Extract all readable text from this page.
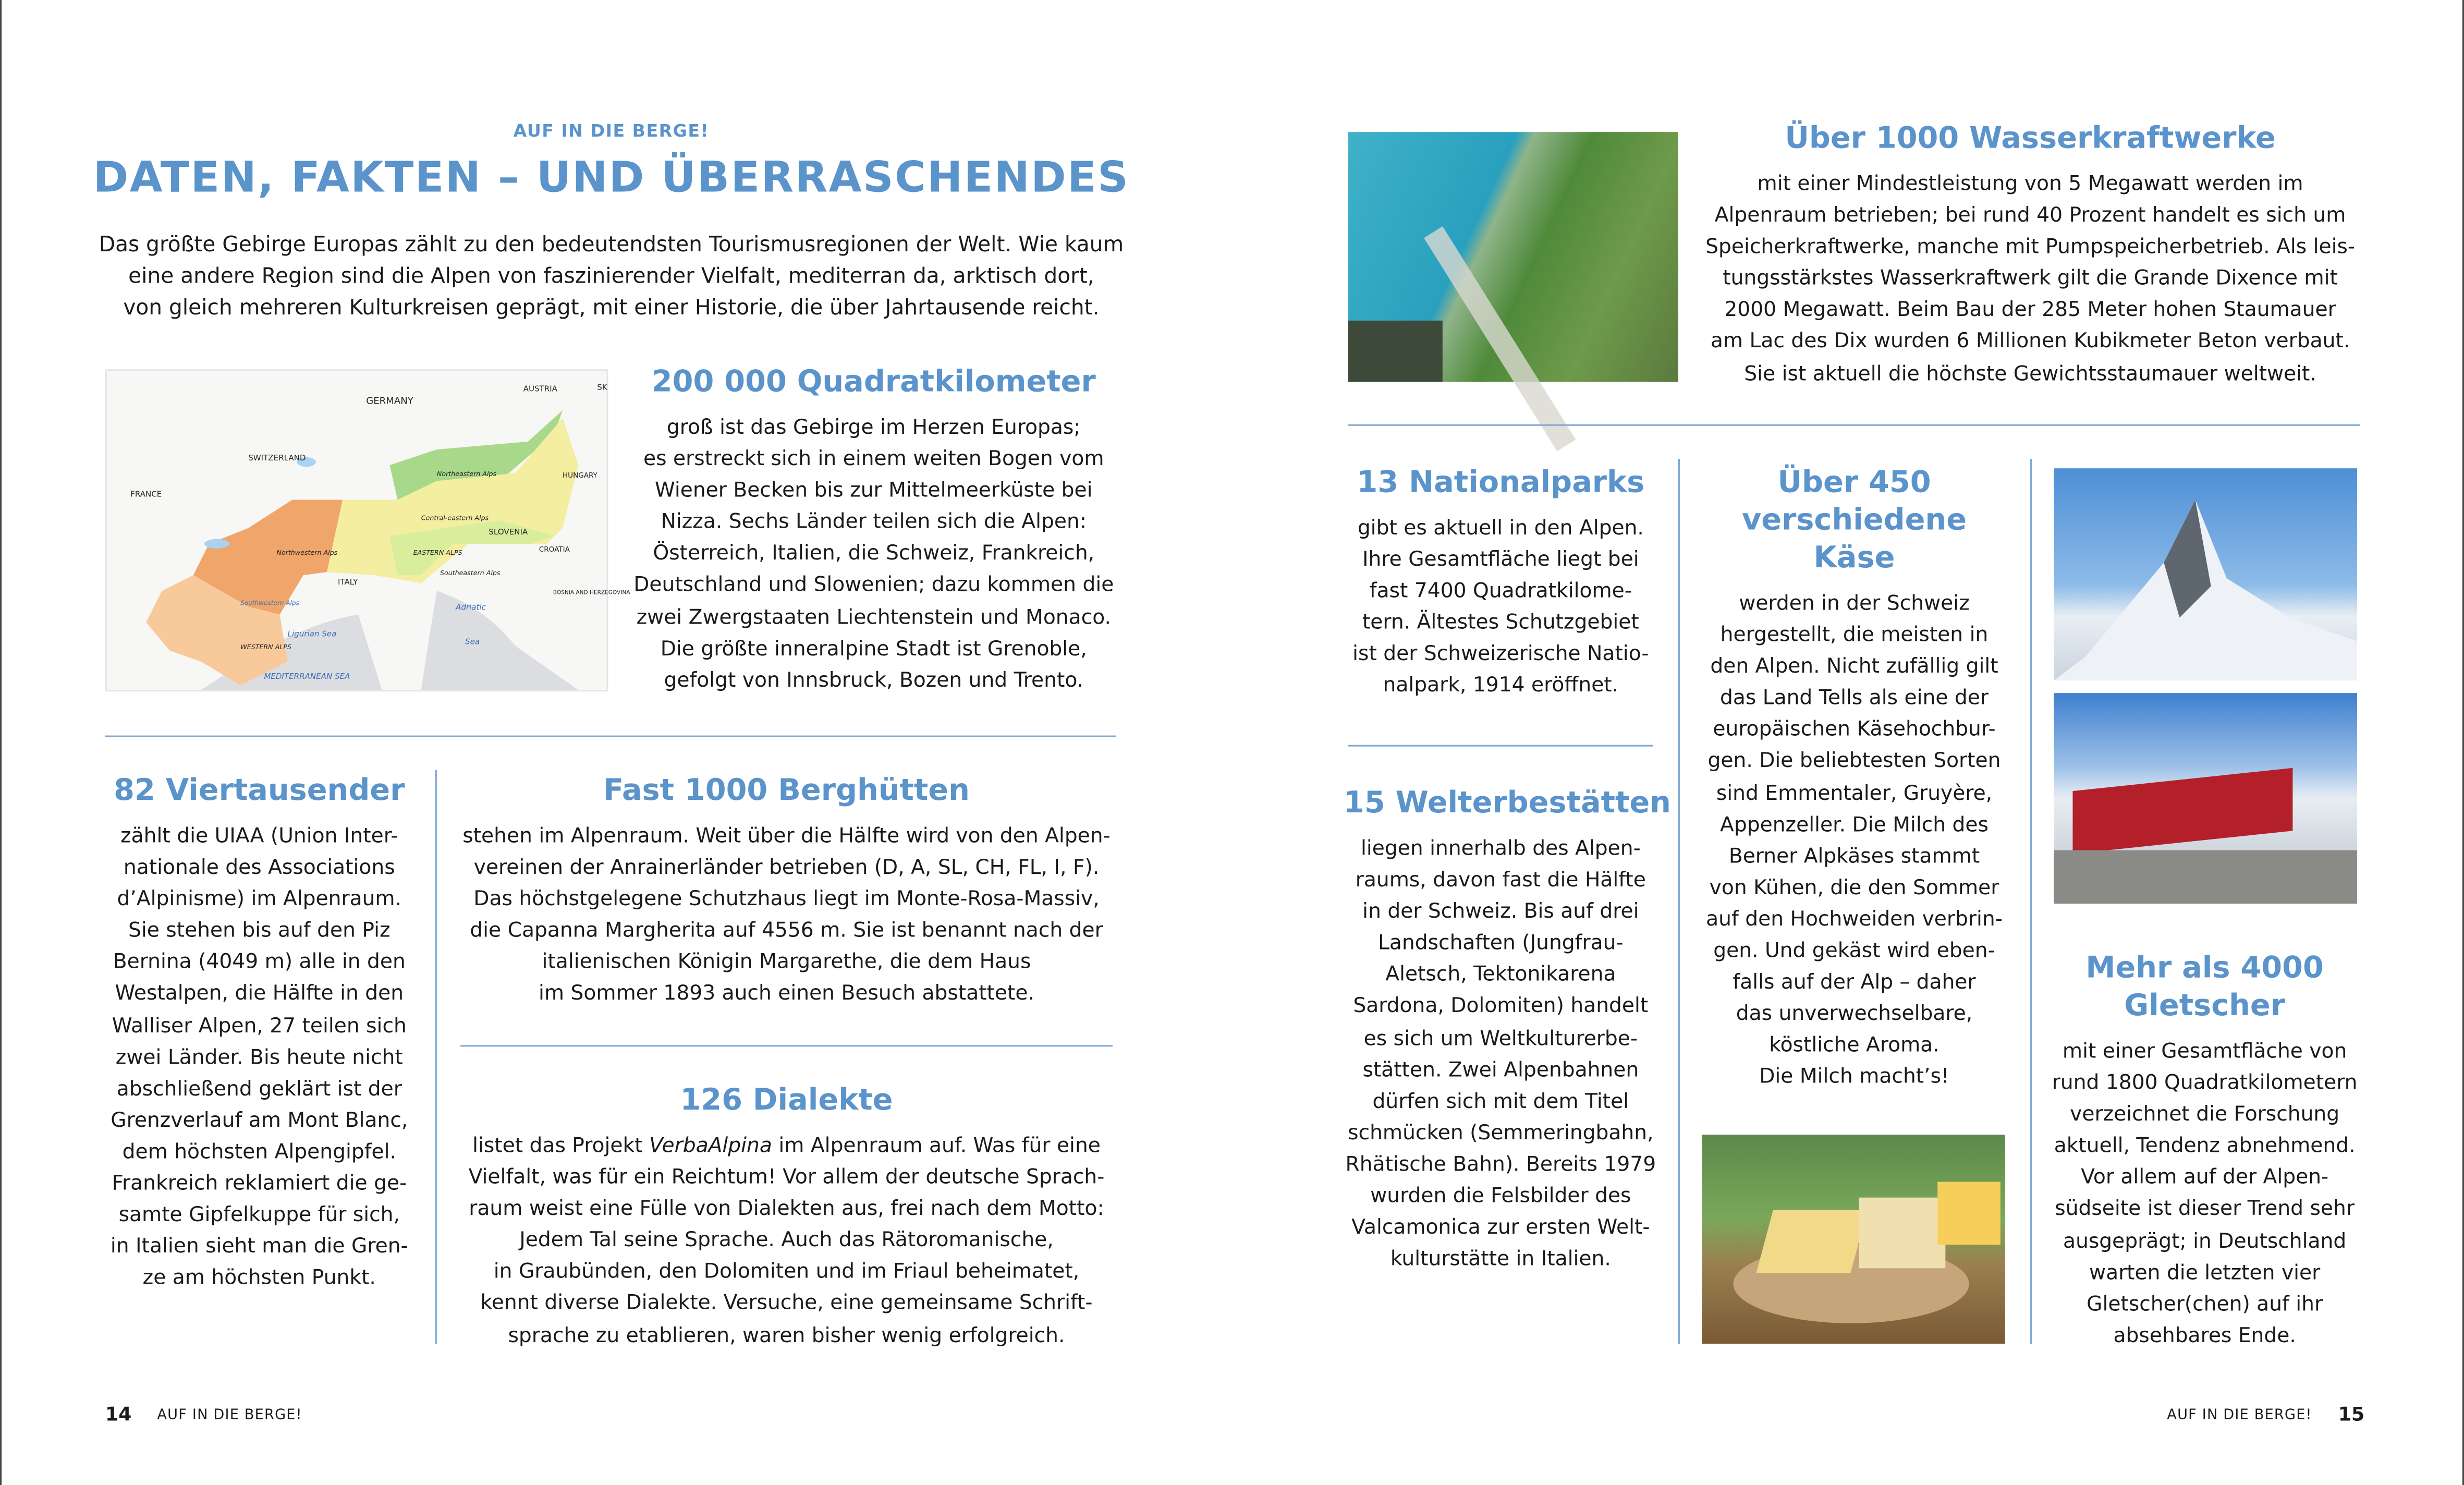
AUF IN DIE BERGE!
DATEN, FAKTEN – UND ÜBERRASCHENDES
Das größte Gebirge Europas zählt zu den bedeutendsten Tourismusregionen der Welt. Wie kaum
eine andere Region sind die Alpen von faszinierender Vielfalt, mediterran da, arktisch dort,
von gleich mehreren Kulturkreisen geprägt, mit einer Historie, die über Jahrtausende reicht.
GERMANY
AUSTRIA
SWITZERLAND
FRANCE
ITALY
SLOVENIA
CROATIA
HUNGARY
SK
BOSNIA AND HERZEGOVINA
Northeastern Alps
Central-eastern Alps
EASTERN ALPS
Southeastern Alps
Northwestern Alps
WESTERN ALPS
Southwestern Alps
Ligurian Sea
Adriatic
Sea
MEDITERRANEAN SEA
200 000 Quadratkilometer
groß ist das Gebirge im Herzen Europas;
es erstreckt sich in einem weiten Bogen vom
Wiener Becken bis zur Mittelmeerküste bei
Nizza. Sechs Länder teilen sich die Alpen:
Österreich, Italien, die Schweiz, Frankreich,
Deutschland und Slowenien; dazu kommen die
zwei Zwergstaaten Liechtenstein und Monaco.
Die größte inneralpine Stadt ist Grenoble,
gefolgt von Innsbruck, Bozen und Trento.
82 Viertausender
zählt die UIAA (Union Inter-
nationale des Associations
d’Alpinisme) im Alpenraum.
Sie stehen bis auf den Piz
Bernina (4049 m) alle in den
Westalpen, die Hälfte in den
Walliser Alpen, 27 teilen sich
zwei Länder. Bis heute nicht
abschließend geklärt ist der
Grenzverlauf am Mont Blanc,
dem höchsten Alpengipfel.
Frankreich reklamiert die ge-
samte Gipfelkuppe für sich,
in Italien sieht man die Gren-
ze am höchsten Punkt.
Fast 1000 Berghütten
stehen im Alpenraum. Weit über die Hälfte wird von den Alpen-
vereinen der Anrainerländer betrieben (D, A, SL, CH, FL, I, F).
Das höchstgelegene Schutzhaus liegt im Monte-Rosa-Massiv,
die Capanna Margherita auf 4556 m. Sie ist benannt nach der
italienischen Königin Margarethe, die dem Haus
im Sommer 1893 auch einen Besuch abstattete.
126 Dialekte
listet das Projekt VerbaAlpina im Alpenraum auf. Was für eine
Vielfalt, was für ein Reichtum! Vor allem der deutsche Sprach-
raum weist eine Fülle von Dialekten aus, frei nach dem Motto:
Jedem Tal seine Sprache. Auch das Rätoromanische,
in Graubünden, den Dolomiten und im Friaul beheimatet,
kennt diverse Dialekte. Versuche, eine gemeinsame Schrift-
sprache zu etablieren, waren bisher wenig erfolgreich.
14	AUF IN DIE BERGE!
Über 1000 Wasserkraftwerke
mit einer Mindestleistung von 5 Megawatt werden im
Alpenraum betrieben; bei rund 40 Prozent handelt es sich um
Speicherkraftwerke, manche mit Pumpspeicherbetrieb. Als leis-
tungsstärkstes Wasserkraftwerk gilt die Grande Dixence mit
2000 Megawatt. Beim Bau der 285 Meter hohen Staumauer
am Lac des Dix wurden 6 Millionen Kubikmeter Beton verbaut.
Sie ist aktuell die höchste Gewichtsstaumauer weltweit.
13 Nationalparks
gibt es aktuell in den Alpen.
Ihre Gesamtfläche liegt bei
fast 7400 Quadratkilome-
tern. Ältestes Schutzgebiet
ist der Schweizerische Natio-
nalpark, 1914 eröffnet.
15 Welterbestätten
liegen innerhalb des Alpen-
raums, davon fast die Hälfte
in der Schweiz. Bis auf drei
Landschaften (Jungfrau-
Aletsch, Tektonikarena
Sardona, Dolomiten) handelt
es sich um Weltkulturerbe-
stätten. Zwei Alpenbahnen
dürfen sich mit dem Titel
schmücken (Semmeringbahn,
Rhätische Bahn). Bereits 1979
wurden die Felsbilder des
Valcamonica zur ersten Welt-
kulturstätte in Italien.
Über 450
verschiedene
Käse
werden in der Schweiz
hergestellt, die meisten in
den Alpen. Nicht zufällig gilt
das Land Tells als eine der
europäischen Käsehochbur-
gen. Die beliebtesten Sorten
sind Emmentaler, Gruyère,
Appenzeller. Die Milch des
Berner Alpkäses stammt
von Kühen, die den Sommer
auf den Hochweiden verbrin-
gen. Und gekäst wird eben-
falls auf der Alp – daher
das unverwechselbare,
köstliche Aroma.
Die Milch macht’s!
Mehr als 4000
Gletscher
mit einer Gesamtfläche von
rund 1800 Quadratkilometern
verzeichnet die Forschung
aktuell, Tendenz abnehmend.
Vor allem auf der Alpen-
südseite ist dieser Trend sehr
ausgeprägt; in Deutschland
warten die letzten vier
Gletscher(chen) auf ihr
absehbares Ende.
AUF IN DIE BERGE!	15
